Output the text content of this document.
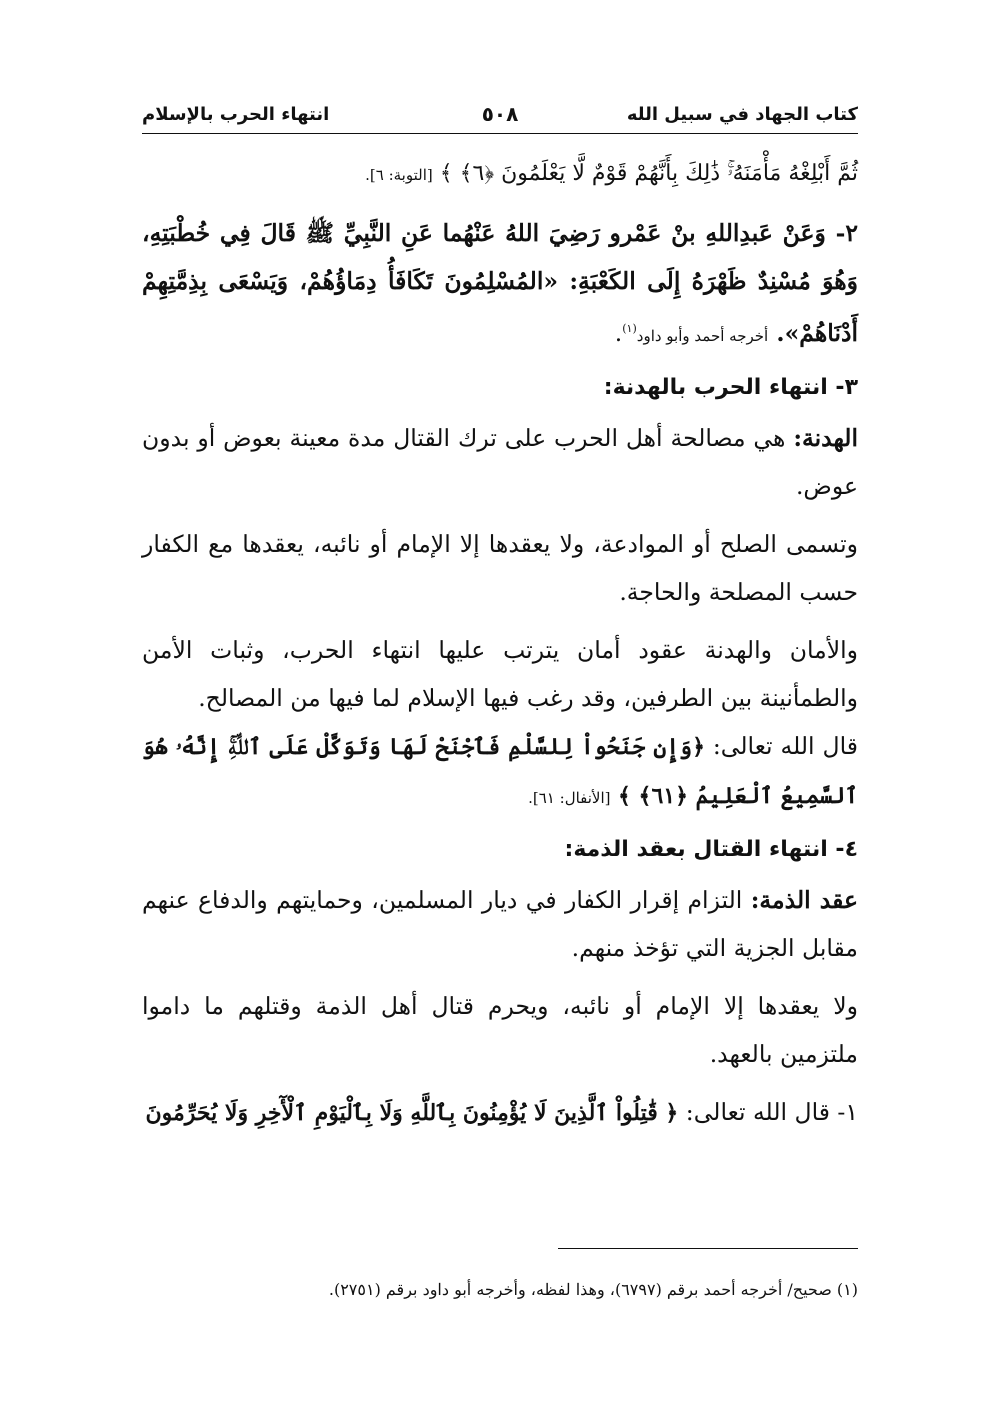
كتاب الجهاد في سبيل الله
٥٠٨
انتهاء الحرب بالإسلام

ثُمَّ أَبْلِغْهُ مَأْمَنَهُۥۚ ذَٰلِكَ بِأَنَّهُمْ قَوْمٌ لَّا يَعْلَمُونَ ﴿٦﴾ ﴾ [التوبة: ٦].

٢- وَعَنْ عَبدِاللهِ بنْ عَمْرو رَضِيَ اللهُ عَنْهُما عَنِ النَّبِيِّ ﷺ قَالَ فِي خُطْبَتِهِ، وَهُوَ مُسْنِدٌ ظَهْرَهُ إِلَى الكَعْبَةِ: «المُسْلِمُونَ تَكَافَأُ دِمَاؤُهُمْ، وَيَسْعَى بِذِمَّتِهِمْ أَدْنَاهُمْ». أخرجه أحمد وأبو داود$^{(١)}$.

٣- انتهاء الحرب بالهدنة:

الهدنة: هي مصالحة أهل الحرب على ترك القتال مدة معينة بعوض أو بدون عوض.

وتسمى الصلح أو الموادعة، ولا يعقدها إلا الإمام أو نائبه، يعقدها مع الكفار حسب المصلحة والحاجة.

والأمان والهدنة عقود أمان يترتب عليها انتهاء الحرب، وثبات الأمن والطمأنينة بين الطرفين، وقد رغب فيها الإسلام لما فيها من المصالح.

قال الله تعالى: ﴿وَإِن جَنَحُواْ لِلسَّلْمِ فَٱجْنَحْ لَهَا وَتَوَكَّلْ عَلَى ٱللَّهِۚ إِنَّهُۥ هُوَ ٱلسَّمِيعُ ٱلْعَلِيمُ ﴿٦١﴾ ﴾ [الأنفال: ٦١].

٤- انتهاء القتال بعقد الذمة:

عقد الذمة: التزام إقرار الكفار في ديار المسلمين، وحمايتهم والدفاع عنهم مقابل الجزية التي تؤخذ منهم.

ولا يعقدها إلا الإمام أو نائبه، ويحرم قتال أهل الذمة وقتلهم ما داموا ملتزمين بالعهد.

١- قال الله تعالى: ﴿ قَٰتِلُواْ ٱلَّذِينَ لَا يُؤْمِنُونَ بِٱللَّهِ وَلَا بِٱلْيَوْمِ ٱلْأٓخِرِ وَلَا يُحَرِّمُونَ

(١) صحيح/ أخرجه أحمد برقم (٦٧٩٧)، وهذا لفظه، وأخرجه أبو داود برقم (٢٧٥١).
